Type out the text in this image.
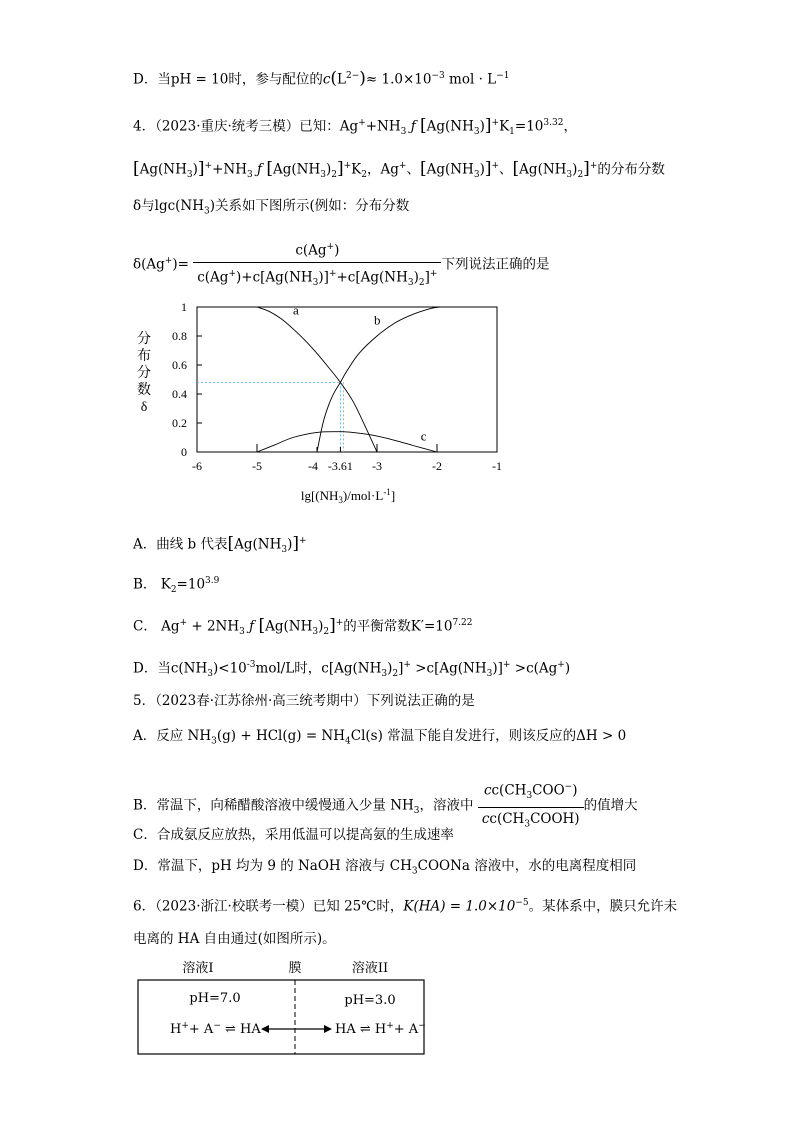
D．当pH = 10时，参与配位的$c(L^{2-})\approx 1.0\times 10^{-3}$ mol · $L^{-1}$
4．（2023·重庆·统考三模）已知：$Ag^++NH_3$ ƒ $[Ag(NH_3)]^+K_1=10^{3.32}$，
$[Ag(NH_3)]^++NH_3$ ƒ $[Ag(NH_3)_2]^+K_2$，Ag+、$[Ag(NH_3)]^+$、$[Ag(NH_3)_2]^+$的分布分数
δ与$\lg c(NH_3)$关系如下图所示(例如：分布分数
$\delta(Ag^+)= \frac{c(Ag^+)}{c(Ag^+)+c[Ag(NH_3)]^++c[Ag(NH_3)_2]^+}$ 下列说法正确的是
分
布
分
数
δ
0
0.2
0.4
0.6
0.8
1
-6	-5	-4 -3.61 -3	-2	-1
a
b
c
$\lg[(NH_3)/mol\cdot L^{-1}]$
A．曲线 b 代表$[Ag(NH_3)]^+$
B． $K_2=10^{3.9}$
C． $Ag^+ + 2NH_3$ ƒ $[Ag(NH_3)_2]^+$的平衡常数$K'=10^{7.22}$
D．当$c(NH_3)<10^{-3}mol/L$时，$c[Ag(NH_3)_2]^+ >c[Ag(NH_3)]^+ >c(Ag^+)$
5．（2023春·江苏徐州·高三统考期中）下列说法正确的是
A．反应 $NH_3(g) + HCl(g) = NH_4Cl(s)$ 常温下能自发进行，则该反应的ΔH > 0
B．常温下，向稀醋酸溶液中缓慢通入少量 $NH_3$，溶液中 $\frac{cc(CH_3COO^-)}{cc(CH_3COOH)}$ 的值增大
C．合成氨反应放热，采用低温可以提高氨的生成速率
D．常温下，pH 均为 9 的 NaOH 溶液与 $CH_3COONa$ 溶液中，水的电离程度相同
6．（2023·浙江·校联考一模）已知 25℃时，$K(HA) = 1.0\times 10^{-5}$。某体系中，膜只允许未
电离的 HA 自由通过(如图所示)。
溶液I	膜	溶液II
pH=7.0	pH=3.0
H++ A− ⇌ HA	HA ⇌ H++ A−
